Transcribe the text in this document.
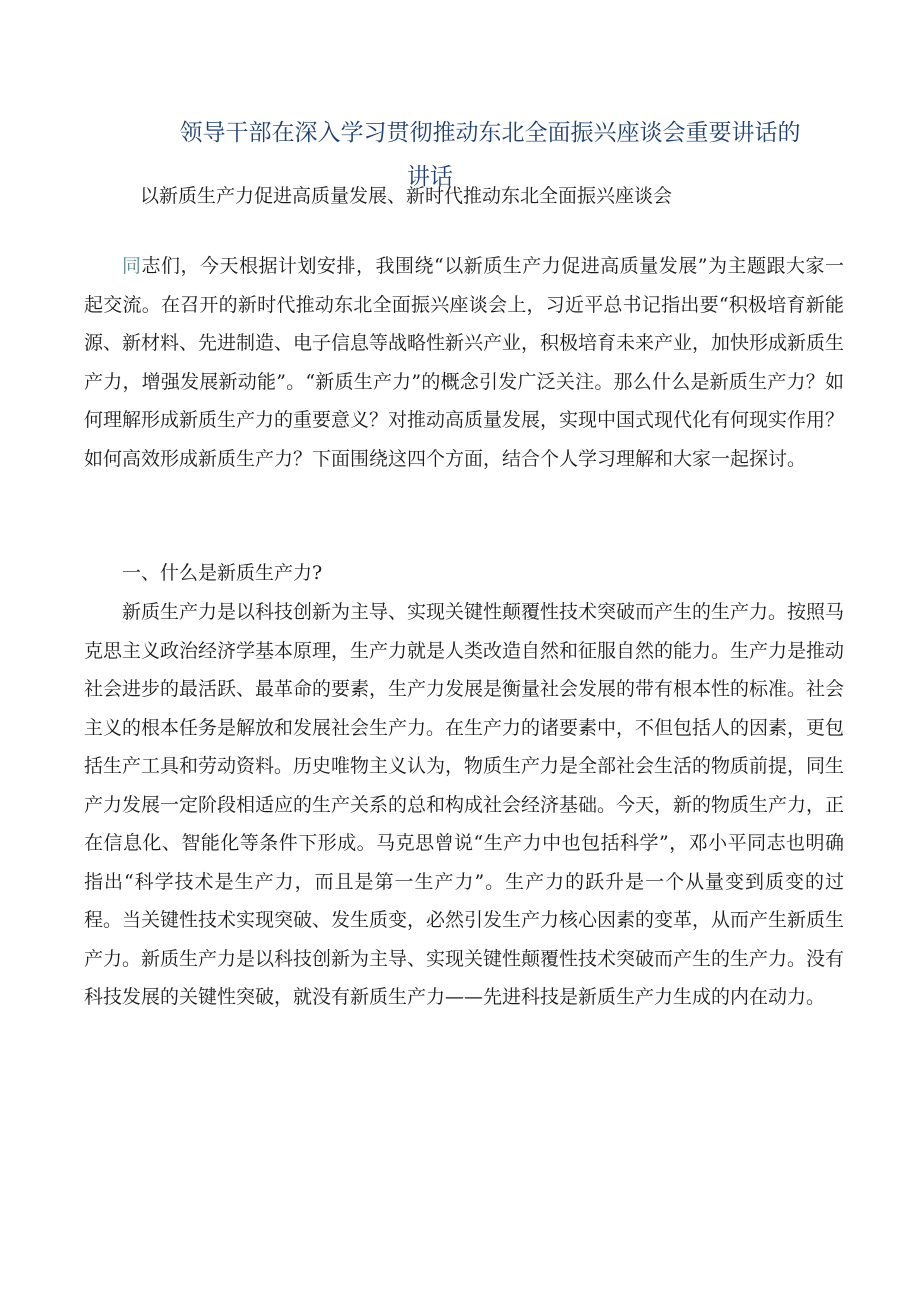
领导干部在深入学习贯彻推动东北全面振兴座谈会重要讲话的
讲话
以新质生产力促进高质量发展、新时代推动东北全面振兴座谈会

同志们，今天根据计划安排，我围绕“以新质生产力促进高质量发展”为主题跟大家一起交流。在召开的新时代推动东北全面振兴座谈会上，习近平总书记指出要“积极培育新能源、新材料、先进制造、电子信息等战略性新兴产业，积极培育未来产业，加快形成新质生产力，增强发展新动能”。“新质生产力”的概念引发广泛关注。那么什么是新质生产力？如何理解形成新质生产力的重要意义？对推动高质量发展，实现中国式现代化有何现实作用？如何高效形成新质生产力？下面围绕这四个方面，结合个人学习理解和大家一起探讨。

一、什么是新质生产力?

新质生产力是以科技创新为主导、实现关键性颠覆性技术突破而产生的生产力。按照马克思主义政治经济学基本原理，生产力就是人类改造自然和征服自然的能力。生产力是推动社会进步的最活跃、最革命的要素，生产力发展是衡量社会发展的带有根本性的标准。社会主义的根本任务是解放和发展社会生产力。在生产力的诸要素中，不但包括人的因素，更包括生产工具和劳动资料。历史唯物主义认为，物质生产力是全部社会生活的物质前提，同生产力发展一定阶段相适应的生产关系的总和构成社会经济基础。今天，新的物质生产力，正在信息化、智能化等条件下形成。马克思曾说“生产力中也包括科学”，邓小平同志也明确指出“科学技术是生产力，而且是第一生产力”。生产力的跃升是一个从量变到质变的过程。当关键性技术实现突破、发生质变，必然引发生产力核心因素的变革，从而产生新质生产力。新质生产力是以科技创新为主导、实现关键性颠覆性技术突破而产生的生产力。没有科技发展的关键性突破，就没有新质生产力——先进科技是新质生产力生成的内在动力。
